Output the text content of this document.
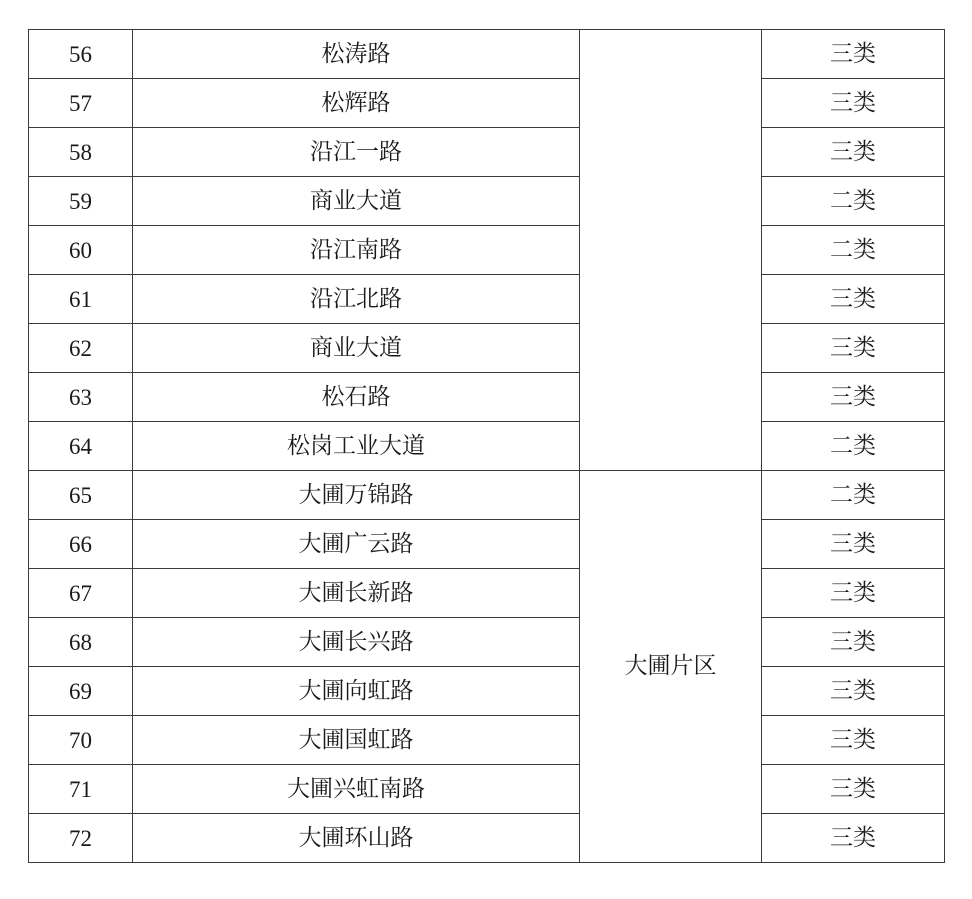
56	松涛路		三类
57	松辉路		三类
58	沿江一路		三类
59	商业大道		二类
60	沿江南路		二类
61	沿江北路		三类
62	商业大道		三类
63	松石路		三类
64	松岗工业大道		二类
65	大圃万锦路	大圃片区	二类
66	大圃广云路		三类
67	大圃长新路		三类
68	大圃长兴路		三类
69	大圃向虹路		三类
70	大圃国虹路		三类
71	大圃兴虹南路		三类
72	大圃环山路		三类
